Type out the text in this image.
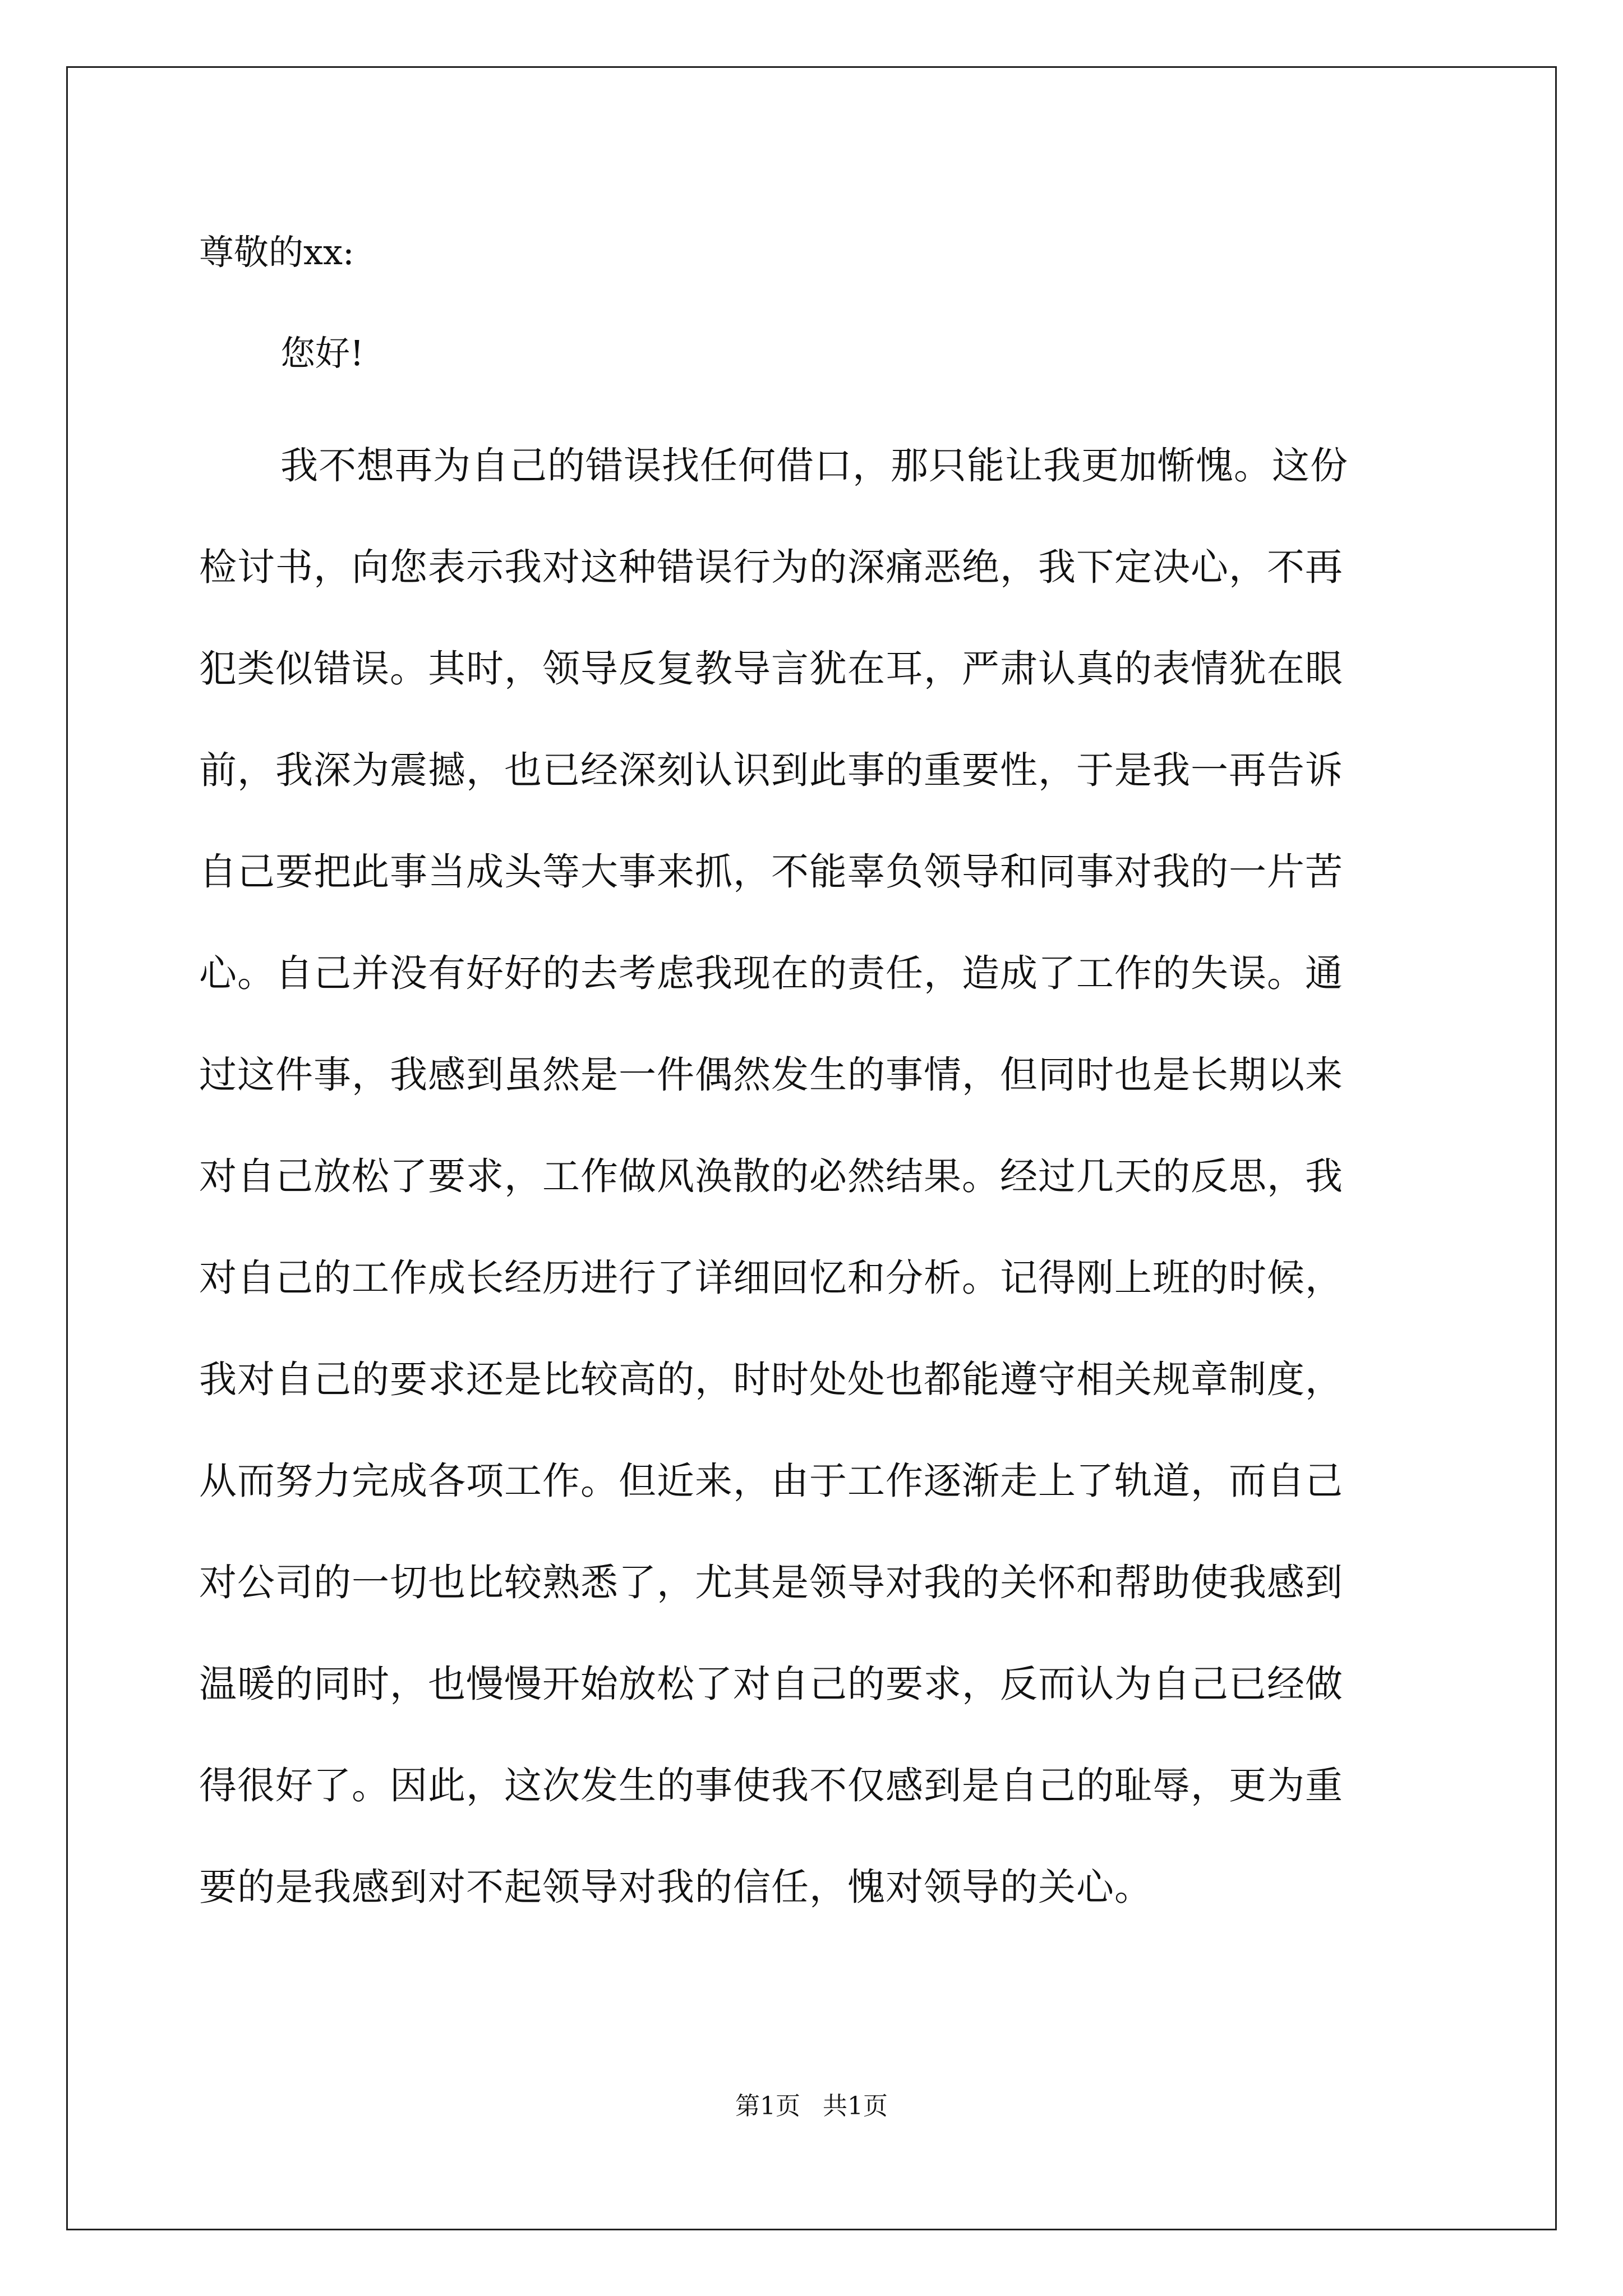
尊敬的xx:
您好!
我不想再为自己的错误找任何借口，那只能让我更加惭愧。这份
检讨书，向您表示我对这种错误行为的深痛恶绝，我下定决心，不再
犯类似错误。其时，领导反复教导言犹在耳，严肃认真的表情犹在眼
前，我深为震撼，也已经深刻认识到此事的重要性，于是我一再告诉
自己要把此事当成头等大事来抓，不能辜负领导和同事对我的一片苦
心。自己并没有好好的去考虑我现在的责任，造成了工作的失误。通
过这件事，我感到虽然是一件偶然发生的事情，但同时也是长期以来
对自己放松了要求，工作做风涣散的必然结果。经过几天的反思，我
对自己的工作成长经历进行了详细回忆和分析。记得刚上班的时候，
我对自己的要求还是比较高的，时时处处也都能遵守相关规章制度，
从而努力完成各项工作。但近来，由于工作逐渐走上了轨道，而自己
对公司的一切也比较熟悉了，尤其是领导对我的关怀和帮助使我感到
温暖的同时，也慢慢开始放松了对自己的要求，反而认为自己已经做
得很好了。因此，这次发生的事使我不仅感到是自己的耻辱，更为重
要的是我感到对不起领导对我的信任，愧对领导的关心。
第1页 共1页
